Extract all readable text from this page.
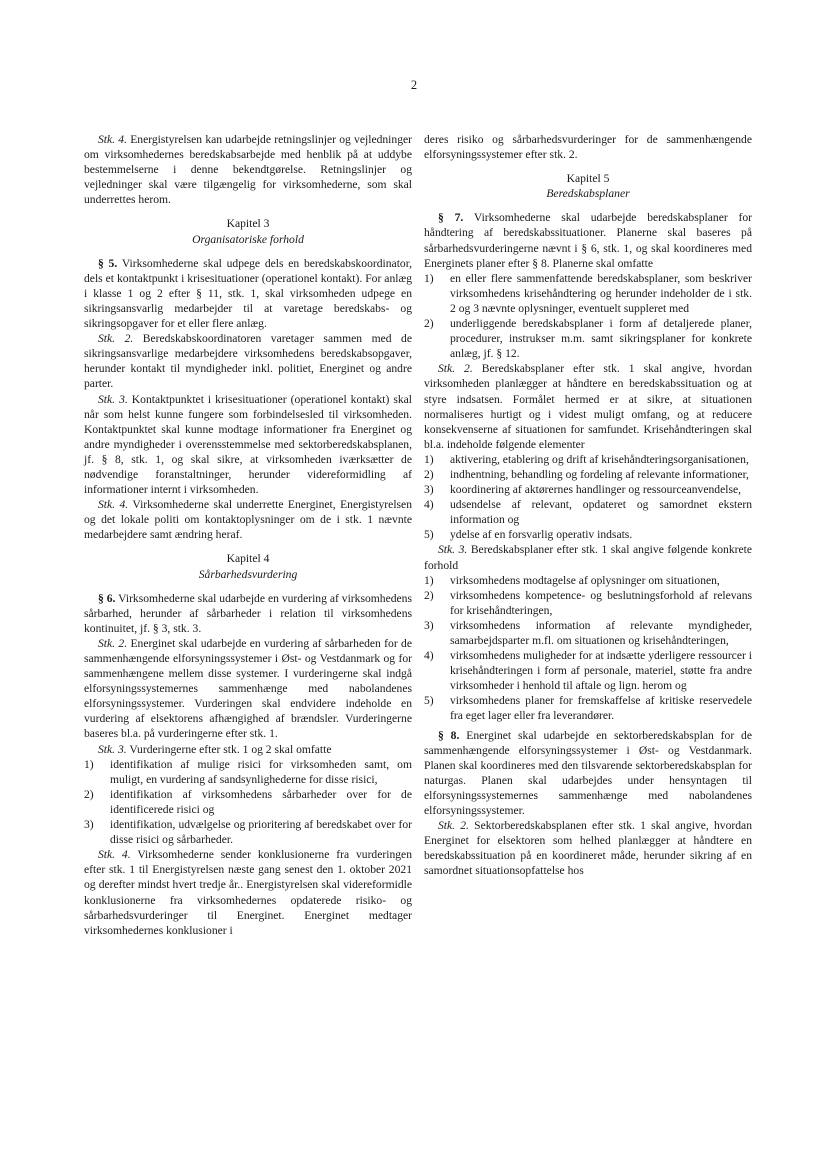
2

Stk. 4. Energistyrelsen kan udarbejde retningslinjer og vejledninger om virksomhedernes beredskabsarbejde med henblik på at uddybe bestemmelserne i denne bekendtgørelse. Retningslinjer og vejledninger skal være tilgængelig for virksomhederne, som skal underrettes herom.

Kapitel 3
Organisatoriske forhold

§ 5. Virksomhederne skal udpege dels en beredskabskoordinator, dels et kontaktpunkt i krisesituationer (operationel kontakt). For anlæg i klasse 1 og 2 efter § 11, stk. 1, skal virksomheden udpege en sikringsansvarlig medarbejder til at varetage beredskabs- og sikringsopgaver for et eller flere anlæg.

Stk. 2. Beredskabskoordinatoren varetager sammen med de sikringsansvarlige medarbejdere virksomhedens beredskabsopgaver, herunder kontakt til myndigheder inkl. politiet, Energinet og andre parter.

Stk. 3. Kontaktpunktet i krisesituationer (operationel kontakt) skal når som helst kunne fungere som forbindelsesled til virksomheden. Kontaktpunktet skal kunne modtage informationer fra Energinet og andre myndigheder i overensstemmelse med sektorberedskabsplanen, jf. § 8, stk. 1, og skal sikre, at virksomheden iværksætter de nødvendige foranstaltninger, herunder videreformidling af informationer internt i virksomheden.

Stk. 4. Virksomhederne skal underrette Energinet, Energistyrelsen og det lokale politi om kontaktoplysninger om de i stk. 1 nævnte medarbejdere samt ændring heraf.

Kapitel 4
Sårbarhedsvurdering

§ 6. Virksomhederne skal udarbejde en vurdering af virksomhedens sårbarhed, herunder af sårbarheder i relation til virksomhedens kontinuitet, jf. § 3, stk. 3.

Stk. 2. Energinet skal udarbejde en vurdering af sårbarheden for de sammenhængende elforsyningssystemer i Øst- og Vestdanmark og for sammenhængene mellem disse systemer. I vurderingerne skal indgå elforsyningssystemernes sammenhænge med nabolandenes elforsyningssystemer. Vurderingen skal endvidere indeholde en vurdering af elsektorens afhængighed af brændsler. Vurderingerne baseres bl.a. på vurderingerne efter stk. 1.

Stk. 3. Vurderingerne efter stk. 1 og 2 skal omfatte

1) identifikation af mulige risici for virksomheden samt, om muligt, en vurdering af sandsynlighederne for disse risici,
2) identifikation af virksomhedens sårbarheder over for de identificerede risici og
3) identifikation, udvælgelse og prioritering af beredskabet over for disse risici og sårbarheder.

Stk. 4. Virksomhederne sender konklusionerne fra vurderingen efter stk. 1 til Energistyrelsen næste gang senest den 1. oktober 2021 og derefter mindst hvert tredje år.. Energistyrelsen skal videreformidle konklusionerne fra virksomhedernes opdaterede risiko- og sårbarhedsvurderinger til Energinet. Energinet medtager virksomhedernes konklusioner i

deres risiko og sårbarhedsvurderinger for de sammenhængende elforsyningssystemer efter stk. 2.

Kapitel 5
Beredskabsplaner

§ 7. Virksomhederne skal udarbejde beredskabsplaner for håndtering af beredskabssituationer. Planerne skal baseres på sårbarhedsvurderingerne nævnt i § 6, stk. 1, og skal koordineres med Energinets planer efter § 8. Planerne skal omfatte

1) en eller flere sammenfattende beredskabsplaner, som beskriver virksomhedens krisehåndtering og herunder indeholder de i stk. 2 og 3 nævnte oplysninger, eventuelt suppleret med
2) underliggende beredskabsplaner i form af detaljerede planer, procedurer, instrukser m.m. samt sikringsplaner for konkrete anlæg, jf. § 12.

Stk. 2. Beredskabsplaner efter stk. 1 skal angive, hvordan virksomheden planlægger at håndtere en beredskabssituation og at styre indsatsen. Formålet hermed er at sikre, at situationen normaliseres hurtigt og i videst muligt omfang, og at reducere konsekvenserne af situationen for samfundet. Krisehåndteringen skal bl.a. indeholde følgende elementer

1) aktivering, etablering og drift af krisehåndteringsorganisationen,
2) indhentning, behandling og fordeling af relevante informationer,
3) koordinering af aktørernes handlinger og ressourceanvendelse,
4) udsendelse af relevant, opdateret og samordnet ekstern information og
5) ydelse af en forsvarlig operativ indsats.

Stk. 3. Beredskabsplaner efter stk. 1 skal angive følgende konkrete forhold

1) virksomhedens modtagelse af oplysninger om situationen,
2) virksomhedens kompetence- og beslutningsforhold af relevans for krisehåndteringen,
3) virksomhedens information af relevante myndigheder, samarbejdsparter m.fl. om situationen og krisehåndteringen,
4) virksomhedens muligheder for at indsætte yderligere ressourcer i krisehåndteringen i form af personale, materiel, støtte fra andre virksomheder i henhold til aftale og lign. herom og
5) virksomhedens planer for fremskaffelse af kritiske reservedele fra eget lager eller fra leverandører.

§ 8. Energinet skal udarbejde en sektorberedskabsplan for de sammenhængende elforsyningssystemer i Øst- og Vestdanmark. Planen skal koordineres med den tilsvarende sektorberedskabsplan for naturgas. Planen skal udarbejdes under hensyntagen til elforsyningssystemernes sammenhænge med nabolandenes elforsyningssystemer.

Stk. 2. Sektorberedskabsplanen efter stk. 1 skal angive, hvordan Energinet for elsektoren som helhed planlægger at håndtere en beredskabssituation på en koordineret måde, herunder sikring af en samordnet situationsopfattelse hos
